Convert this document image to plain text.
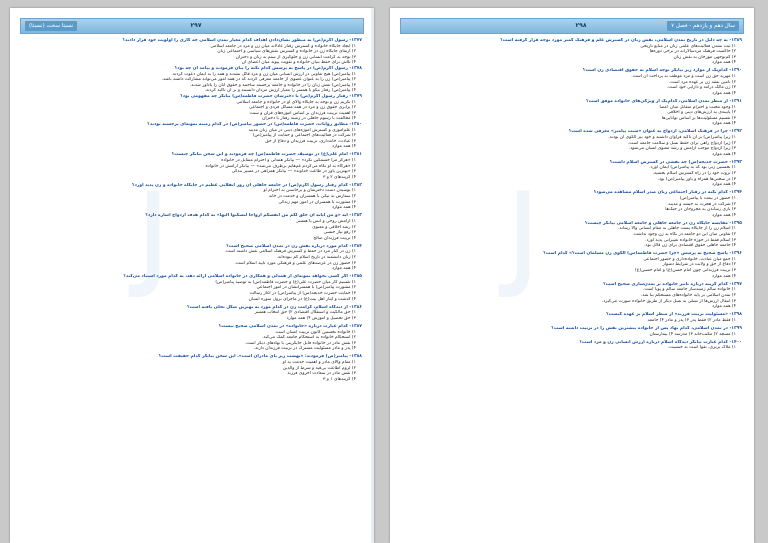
ﻟ
۲۹۷
نسبتا سخت (نسبتا)
۱۳۷۷- رسول اکرم(ص) به منظور نشان‌دادن اهداف کدام معیار تمدن اسلامی چه کاری را اولویت خود قرار دادند؟
۱) ایجاد جایگاه خانواده و گسترش رفتار عادلانه میان زن و مرد در جامعه اسلامی
۲) ارتقای جایگاه زن در خانواده و گسترش نقش‌های سیاسی و اجتماعی زنان
۳) توجه به کرامت انسانی زن و جلوگیری از ستم به زنان و دختران
۴) تلاش برای حفظ بنیان خانواده و تقویت پیوند میان اعضای آن
۱۳۷۸- رسول اکرم(ص) در پاسخ به پرسش کدام نکته را بیان فرمودند و پیامد آن چه بود؟
۱) پیامبر(ص) هیچ تفاوتی در ارزش انسانی میان زن و مرد قائل نشدند و همه را به ایمان دعوت کردند.
۲) پیامبر(ص) زن را به عنوان عضوی از جامعه معرفی کردند که در همه امور می‌تواند مشارکت داشته باشد.
۳) پیامبر(ص) نقش زنان را در خانواده و جامعه برجسته ساختند و حقوق آنان را یادآور شدند.
۴) پیامبر(ص) رفتار نیکو با همسر را معیار ارزش مردان دانستند و بر آن تأکید کردند.
۱۳۷۹- رفتار رسول اکرم(ص) با دخترشان حضرت فاطمه(س) بیانگر چه مفهومی بود؟
۱) تکریم زن و توجه به جایگاه والای او در خانواده و جامعه اسلامی
۲) برابری حقوق زن و مرد در همه مسائل فردی و اجتماعی
۳) اهمیت تربیت فرزندان بر اساس آموزه‌های قرآن و سنت
۴) مخالفت با رسوم جاهلی در زمینه رفتار با دختران
۱۳۸۰- مطابق روایات، حضرت فاطمه(س) در حضور پیامبر(ص) در کدام زمینه نمونه‌ای برجسته بودند؟
۱) علم‌آموزی و گسترش آموزه‌های دینی در میان زنان مدینه
۲) شرکت در فعالیت‌های اجتماعی و حمایت از پیامبر(ص)
۳) عبادت، خانه‌داری، تربیت فرزندان و دفاع از حق
۴) همه موارد
۱۳۸۱- امام علی(ع) در توصیف حضرت فاطمه(س) چه فرمودند و این سخن بیانگر چیست؟
۱) «هرگز مرا خشمگین نکرد» — بیانگر همدلی و احترام متقابل در خانواده
۲) «هرگاه به او نگاه می‌کردم غم‌هایم برطرف می‌شد» — بیانگر آرامش در خانواده
۳) «بهترین یاور در طاعت خداوند» — بیانگر همراهی در مسیر بندگی
۴) گزینه‌های ۲ و ۳
۱۳۸۲- کدام رفتار رسول اکرم(ص) در جامعه جاهلی آن روز انقلابی عظیم در جایگاه خانواده و زن پدید آورد؟
۱) بوسیدن دست دخترشان و برخاستن به احترام او
۲) سفارش به نیکی با همسران و خدمت در خانه
۳) مشورت با همسران در امور مهم زندگی
۴) همه موارد
۱۳۸۳- آیه «و من آیاته ان خلق لکم من انفسکم ازواجا لتسکنوا الیها» به کدام هدف ازدواج اشاره دارد؟
۱) آرامش روحی و انس با همسر
۲) رشد اخلاقی و معنوی
۳) رفع نیاز جنسی
۴) تربیت فرزندان صالح
۱۳۸۴- کدام مورد درباره نقش زن در تمدن اسلامی صحیح است؟
۱) زن در کنار مرد در حفظ و گسترش فرهنگ اسلامی نقش داشته است.
۲) زنان دانشمند در تاریخ اسلام کم نبوده‌اند.
۳) حضور زن در عرصه‌های علمی و فرهنگی مورد تأیید اسلام است.
۴) همه موارد
۱۳۸۵- اگر کسی بخواهد نمونه‌ای از همدلی و همکاری در خانواده اسلامی ارائه دهد، به کدام مورد استناد می‌کند؟
۱) تقسیم کار میان حضرت علی(ع) و حضرت فاطمه(س) به توصیه پیامبر(ص)
۲) مشورت پیامبر(ص) با همسرانشان در امور اجتماعی
۳) حمایت حضرت خدیجه(س) از پیامبر(ص) در آغاز رسالت
۴) گذشت و ایثار اهل بیت(ع) در ماجرای نزول سوره انسان
۱۳۸۶- از دیدگاه اسلام، کرامت زن در کدام مورد به بهترین شکل تجلی یافته است؟
۱) حق مالکیت و استقلال اقتصادی ۲) حق انتخاب همسر
۳) حق تحصیل و آموزش ۴) همه موارد
۱۳۸۷- کدام عبارت درباره «خانواده» در تمدن اسلامی صحیح نیست؟
۱) خانواده نخستین کانون تربیت انسان است.
۲) استحکام خانواده به استحکام جامعه کمک می‌کند.
۳) نقش مادر در خانواده قابل جایگزینی با نهادهای دیگر است.
۴) پدر و مادر مسئولیت مشترک در تربیت فرزندان دارند.
۱۳۸۸- پیامبر(ص) فرمودند: «بهشت زیر پای مادران است». این سخن بیانگر کدام حقیقت است؟
۱) مقام والای مادر و اهمیت خدمت به او
۲) لزوم اطاعت بی‌قید و شرط از والدین
۳) نقش مادر در سعادت اخروی فرزند
۴) گزینه‌های ۱ و ۳
ﻟ
۲۹۸	سال دهم و یازدهم - فصل ۷
۱۳۸۹- به چه دلیل در تاریخ تمدن اسلامی، نقش زنان در گسترش علم و فرهنگ کمتر مورد توجه قرار گرفته است؟
۱) ثبت نشدن فعالیت‌های علمی زنان در منابع تاریخی
۲) حاکمیت فرهنگ مردسالارانه در برخی دوره‌ها
۳) کم‌توجهی مورخان به نقش زنان
۴) همه موارد
۱۳۹۰- کدام‌یک از موارد زیر بیانگر توجه اسلام به حقوق اقتصادی زن است؟
۱) مهریه حق زن است و مرد موظف به پرداخت آن است.
۲) تأمین نفقه زن بر عهده مرد است.
۳) زن مالک درآمد و دارایی خود است.
۴) همه موارد
۱۳۹۱- از منظر تمدن اسلامی، کدام‌یک از ویژگی‌های خانواده موفق است؟
۱) وجود محبت و احترام متقابل میان اعضا
۲) پایبندی به ارزش‌های دینی و اخلاقی
۳) تقسیم مسئولیت‌ها بر اساس توانایی‌ها
۴) همه موارد
۱۳۹۲- چرا در فرهنگ اسلامی، ازدواج به عنوان «سنت پیامبر» معرفی شده است؟
۱) زیرا پیامبر(ص) بر آن تأکید فراوان داشتند و خود نیز الگوی آن بودند.
۲) زیرا ازدواج راهی برای حفظ نسل و سلامت جامعه است.
۳) زیرا ازدواج موجب آرامش و رشد معنوی انسان می‌شود.
۴) همه موارد
۱۳۹۳- حضرت خدیجه(س) چه نقشی در گسترش اسلام داشت؟
۱) نخستین زنی بود که به پیامبر(ص) ایمان آورد.
۲) ثروت خود را در راه گسترش اسلام بخشید.
۳) در سختی‌ها همراه و یاور پیامبر(ص) بود.
۴) همه موارد
۱۳۹۴- کدام نکته در رفتار اجتماعی زنان صدر اسلام مشاهده می‌شود؟
۱) حضور در بیعت با پیامبر(ص)
۲) شرکت در هجرت به حبشه و مدینه
۳) یاری رساندن به مجروحان در جنگ‌ها
۴) همه موارد
۱۳۹۵- مقایسه جایگاه زن در جامعه جاهلی و جامعه اسلامی بیانگر چیست؟
۱) اسلام زن را از جایگاه پست جاهلی به مقام انسانی والا رساند.
۲) تفاوتی میان این دو جامعه در نگاه به زن وجود نداشت.
۳) اسلام فقط در حوزه خانواده تغییراتی پدید آورد.
۴) جامعه جاهلی حقوق اقتصادی برای زن قائل بود.
۱۳۹۶- پاسخ صحیح به پرسش «چرا حضرت فاطمه(س) الگوی زن مسلمان است؟» کدام است؟
۱) جمع میان عبادت، خانواده‌داری و حضور اجتماعی
۲) دفاع از حق و ولایت در شرایط دشوار
۳) تربیت فرزندانی چون امام حسن(ع) و امام حسین(ع)
۴) همه موارد
۱۳۹۷- کدام گزینه درباره تأثیر خانواده بر تمدن‌سازی صحیح است؟
۱) خانواده سالم زمینه‌ساز جامعه سالم و پویا است.
۲) تمدن اسلامی بر پایه خانواده‌های مستحکم بنا شد.
۳) انتقال ارزش‌ها از نسلی به نسل دیگر از طریق خانواده صورت می‌گیرد.
۴) همه موارد
۱۳۹۸- «مسئولیت تربیت فرزند» از منظر اسلام بر عهده کیست؟
۱) فقط مادر ۲) فقط پدر ۳) پدر و مادر ۴) جامعه
۱۳۹۹- در تمدن اسلامی، کدام نهاد پس از خانواده بیشترین نقش را در تربیت داشته است؟
۱) مسجد ۲) مکتب‌خانه ۳) مدرسه ۴) بیمارستان
۱۴۰۰- کدام عبارت بیانگر دیدگاه اسلام درباره ارزش انسانی زن و مرد است؟
۱) ملاک برتری، تقوا است نه جنسیت.
